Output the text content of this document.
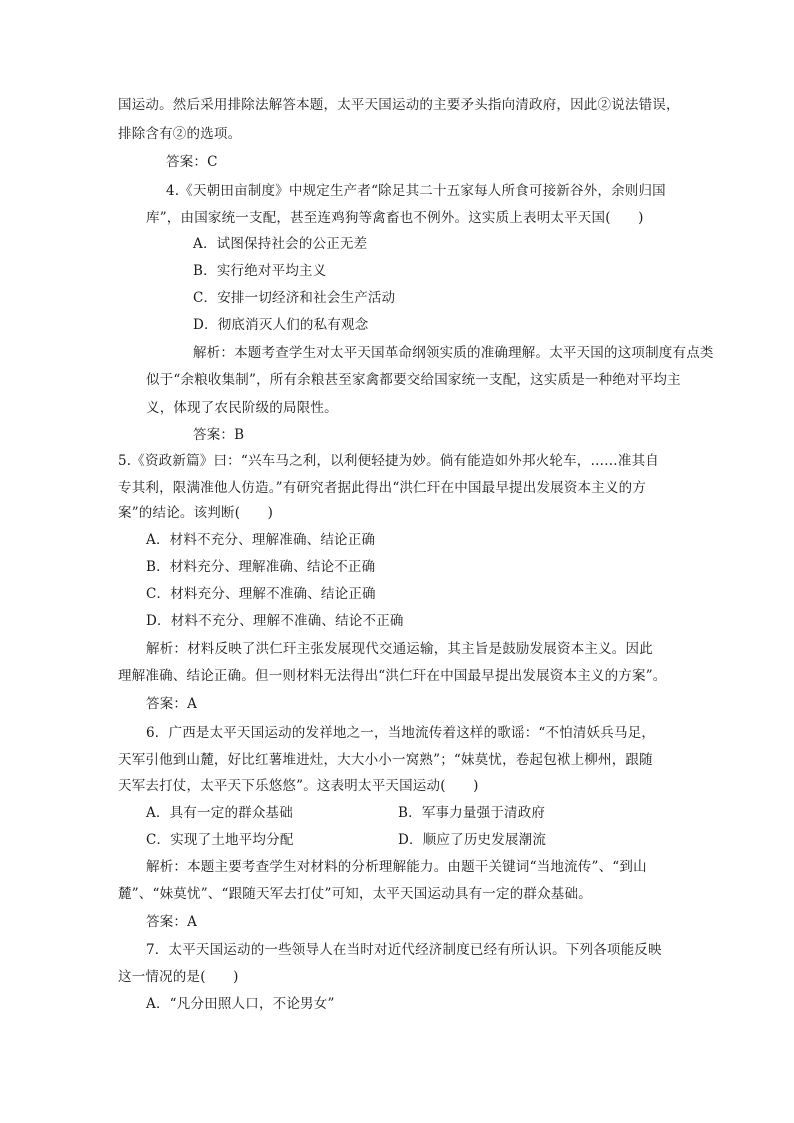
国运动。然后采用排除法解答本题，太平天国运动的主要矛头指向清政府，因此②说法错误，
排除含有②的选项。
答案：C
4.《天朝田亩制度》中规定生产者“除足其二十五家每人所食可接新谷外，余则归国
库”，由国家统一支配，甚至连鸡狗等禽畜也不例外。这实质上表明太平天国(　　)
A．试图保持社会的公正无差
B．实行绝对平均主义
C．安排一切经济和社会生产活动
D．彻底消灭人们的私有观念
解析：本题考查学生对太平天国革命纲领实质的准确理解。太平天国的这项制度有点类
似于“余粮收集制”，所有余粮甚至家禽都要交给国家统一支配，这实质是一种绝对平均主
义，体现了农民阶级的局限性。
答案：B
5.《资政新篇》曰：“兴车马之利，以利便轻捷为妙。倘有能造如外邦火轮车，……准其自
专其利，限满准他人仿造。”有研究者据此得出“洪仁玕在中国最早提出发展资本主义的方
案”的结论。该判断(　　)
A．材料不充分、理解准确、结论正确
B．材料充分、理解准确、结论不正确
C．材料充分、理解不准确、结论正确
D．材料不充分、理解不准确、结论不正确
解析：材料反映了洪仁玕主张发展现代交通运输，其主旨是鼓励发展资本主义。因此
理解准确、结论正确。但一则材料无法得出“洪仁玕在中国最早提出发展资本主义的方案”。
答案：A
6．广西是太平天国运动的发祥地之一，当地流传着这样的歌谣：“不怕清妖兵马足，
天军引他到山麓，好比红薯堆进灶，大大小小一窝熟”；“妹莫忧，卷起包袱上柳州，跟随
天军去打仗，太平天下乐悠悠”。这表明太平天国运动(　　)
A．具有一定的群众基础	B．军事力量强于清政府
C．实现了土地平均分配	D．顺应了历史发展潮流
解析：本题主要考查学生对材料的分析理解能力。由题干关键词“当地流传”、“到山
麓”、“妹莫忧”、“跟随天军去打仗”可知，太平天国运动具有一定的群众基础。
答案：A
7．太平天国运动的一些领导人在当时对近代经济制度已经有所认识。下列各项能反映
这一情况的是(　　)
A．“凡分田照人口，不论男女”
